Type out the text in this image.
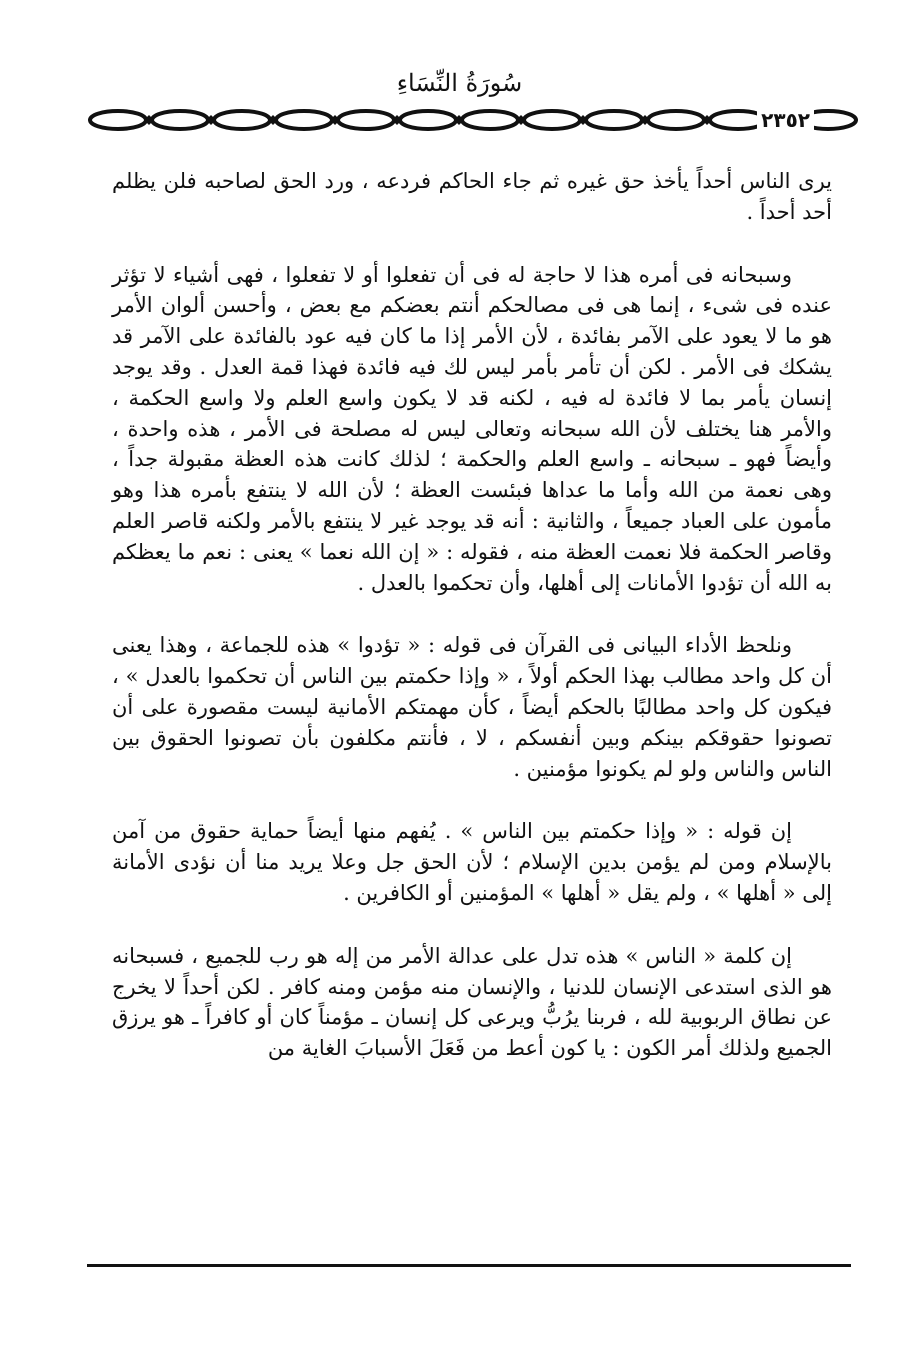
سُورَةُ النِّسَاءِ
٢٣٥٢

يرى الناس أحداً يأخذ حق غيره ثم جاء الحاكم فردعه ، ورد الحق لصاحبه فلن يظلم أحد أحداً .

وسبحانه فى أمره هذا لا حاجة له فى أن تفعلوا أو لا تفعلوا ، فهى أشياء لا تؤثر عنده فى شىء ، إنما هى فى مصالحكم أنتم بعضكم مع بعض ، وأحسن ألوان الأمر هو ما لا يعود على الآمر بفائدة ، لأن الأمر إذا ما كان فيه عود بالفائدة على الآمر قد يشكك فى الأمر . لكن أن تأمر بأمر ليس لك فيه فائدة فهذا قمة العدل . وقد يوجد إنسان يأمر بما لا فائدة له فيه ، لكنه قد لا يكون واسع العلم ولا واسع الحكمة ، والأمر هنا يختلف لأن الله سبحانه وتعالى ليس له مصلحة فى الأمر ، هذه واحدة ، وأيضاً فهو ـ سبحانه ـ واسع العلم والحكمة ؛ لذلك كانت هذه العظة مقبولة جداً ، وهى نعمة من الله وأما ما عداها فبئست العظة ؛ لأن الله لا ينتفع بأمره هذا وهو مأمون على العباد جميعاً ، والثانية : أنه قد يوجد غير لا ينتفع بالأمر ولكنه قاصر العلم وقاصر الحكمة فلا نعمت العظة منه ، فقوله : « إن الله نعما » يعنى : نعم ما يعظكم به الله أن تؤدوا الأمانات إلى أهلها، وأن تحكموا بالعدل .

ونلحظ الأداء البيانى فى القرآن فى قوله : « تؤدوا » هذه للجماعة ، وهذا يعنى أن كل واحد مطالب بهذا الحكم أولاً ، « وإذا حكمتم بين الناس أن تحكموا بالعدل » ، فيكون كل واحد مطالبًا بالحكم أيضاً ، كأن مهمتكم الأمانية ليست مقصورة على أن تصونوا حقوقكم بينكم وبين أنفسكم ، لا ، فأنتم مكلفون بأن تصونوا الحقوق بين الناس والناس ولو لم يكونوا مؤمنين .

إن قوله : « وإذا حكمتم بين الناس » . يُفهم منها أيضاً حماية حقوق من آمن بالإسلام ومن لم يؤمن بدين الإسلام ؛ لأن الحق جل وعلا يريد منا أن نؤدى الأمانة إلى « أهلها » ، ولم يقل « أهلها » المؤمنين أو الكافرين .

إن كلمة « الناس » هذه تدل على عدالة الأمر من إله هو رب للجميع ، فسبحانه هو الذى استدعى الإنسان للدنيا ، والإنسان منه مؤمن ومنه كافر . لكن أحداً لا يخرج عن نطاق الربوبية لله ، فربنا يرُبُّ ويرعى كل إنسان ـ مؤمناً كان أو كافراً ـ هو يرزق الجميع ولذلك أمر الكون : يا كون أعط من فَعَلَ الأسبابَ الغاية من
